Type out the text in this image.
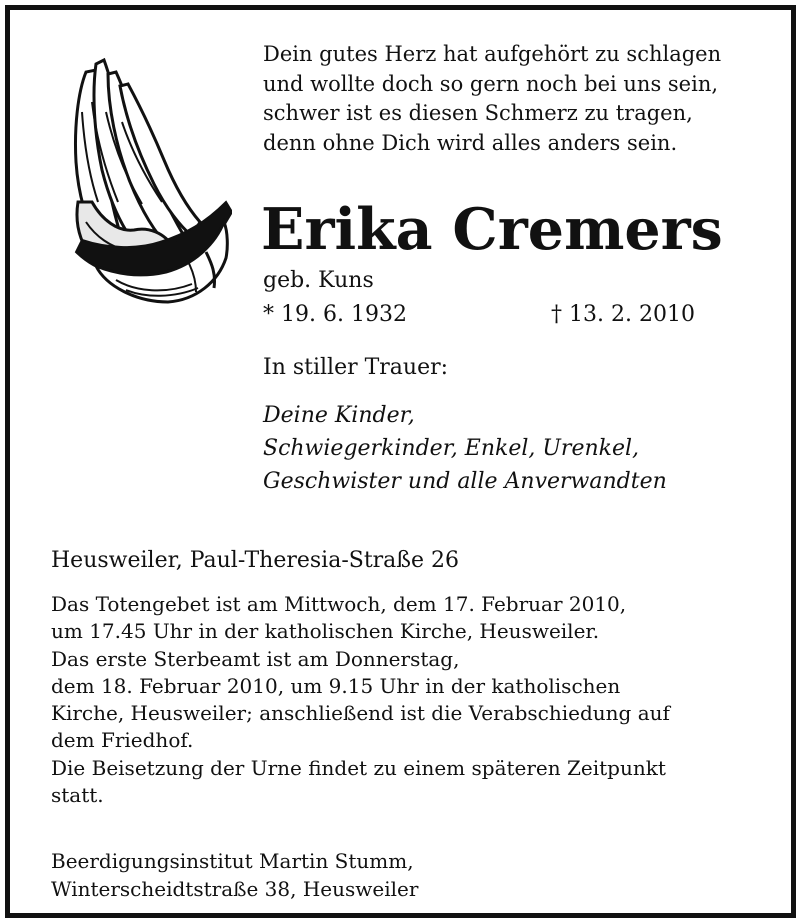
Dein gutes Herz hat aufgehört zu schlagen
und wollte doch so gern noch bei uns sein,
schwer ist es diesen Schmerz zu tragen,
denn ohne Dich wird alles anders sein.
Erika Cremers
geb. Kuns
* 19. 6. 1932	† 13. 2. 2010
In stiller Trauer:
Deine Kinder,
Schwiegerkinder, Enkel, Urenkel,
Geschwister und alle Anverwandten
Heusweiler, Paul-Theresia-Straße 26
Das Totengebet ist am Mittwoch, dem 17. Februar 2010,
um 17.45 Uhr in der katholischen Kirche, Heusweiler.
Das erste Sterbeamt ist am Donnerstag,
dem 18. Februar 2010, um 9.15 Uhr in der katholischen
Kirche, Heusweiler; anschließend ist die Verabschiedung auf
dem Friedhof.
Die Beisetzung der Urne findet zu einem späteren Zeitpunkt
statt.
Beerdigungsinstitut Martin Stumm,
Winterscheidtstraße 38, Heusweiler
